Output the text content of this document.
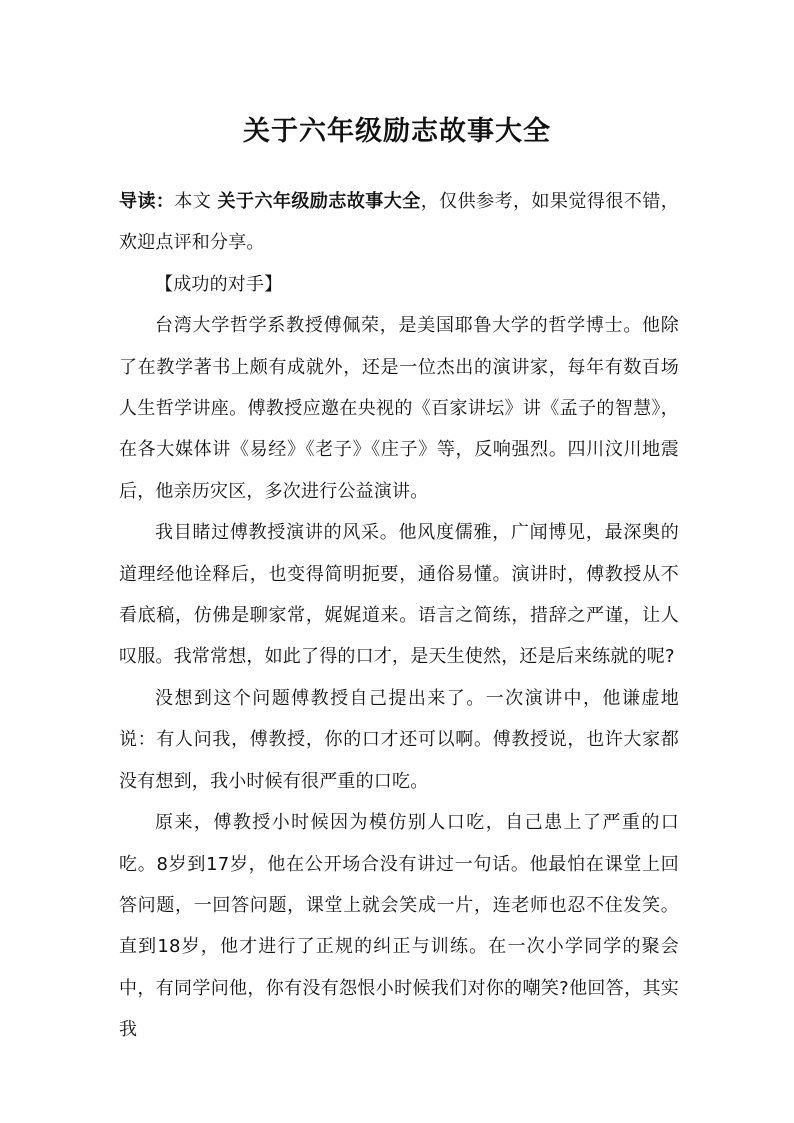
关于六年级励志故事大全

导读：本文 关于六年级励志故事大全，仅供参考，如果觉得很不错，欢迎点评和分享。

【成功的对手】

台湾大学哲学系教授傅佩荣，是美国耶鲁大学的哲学博士。他除了在教学著书上颇有成就外，还是一位杰出的演讲家，每年有数百场人生哲学讲座。傅教授应邀在央视的《百家讲坛》讲《孟子的智慧》，在各大媒体讲《易经》《老子》《庄子》等，反响强烈。四川汶川地震后，他亲历灾区，多次进行公益演讲。

我目睹过傅教授演讲的风采。他风度儒雅，广闻博见，最深奥的道理经他诠释后，也变得简明扼要，通俗易懂。演讲时，傅教授从不看底稿，仿佛是聊家常，娓娓道来。语言之简练，措辞之严谨，让人叹服。我常常想，如此了得的口才，是天生使然，还是后来练就的呢?

没想到这个问题傅教授自己提出来了。一次演讲中，他谦虚地说：有人问我，傅教授，你的口才还可以啊。傅教授说，也许大家都没有想到，我小时候有很严重的口吃。

原来，傅教授小时候因为模仿别人口吃，自己患上了严重的口吃。8岁到17岁，他在公开场合没有讲过一句话。他最怕在课堂上回答问题，一回答问题，课堂上就会笑成一片，连老师也忍不住发笑。直到18岁，他才进行了正规的纠正与训练。在一次小学同学的聚会中，有同学问他，你有没有怨恨小时候我们对你的嘲笑?他回答，其实我
